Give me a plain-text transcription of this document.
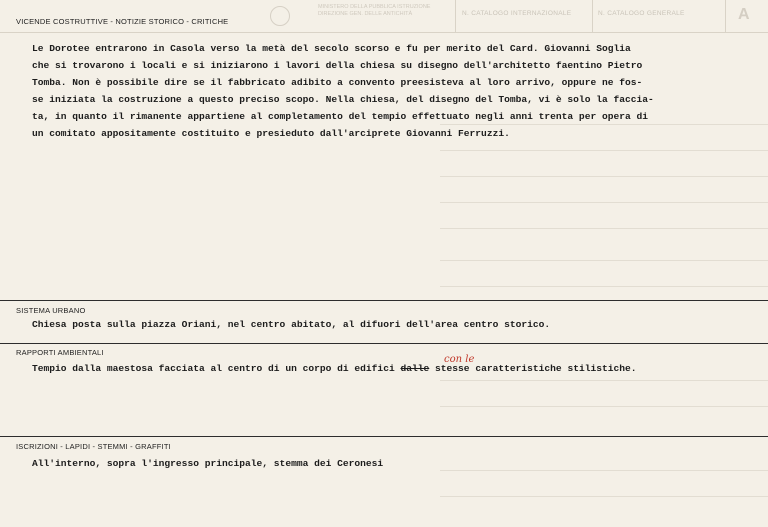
MINISTERO DELLA PUBBLICA ISTRUZIONE
DIREZIONE GEN. DELLE ANTICHITÀ	N. CATALOGO INTERNAZIONALE	N. CATALOGO GENERALE	A
VICENDE COSTRUTTIVE - NOTIZIE STORICO - CRITICHE
Le Dorotee entrarono in Casola verso la metà del secolo scorso e fu per merito del Card. Giovanni Soglia
che si trovarono i locali e si iniziarono i lavori della chiesa su disegno dell'architetto faentino Pietro
Tomba. Non è possibile dire se il fabbricato adibito a convento preesisteva al loro arrivo, oppure ne fos-
se iniziata la costruzione a questo preciso scopo. Nella chiesa, del disegno del Tomba, vi è solo la faccia-
ta, in quanto il rimanente appartiene al completamento del tempio effettuato negli anni trenta per opera di
un comitato appositamente costituito e presieduto dall'arciprete Giovanni Ferruzzi.
SISTEMA URBANO
Chiesa posta sulla piazza Oriani, nel centro abitato, al difuori dell'area centro storico.
RAPPORTI AMBIENTALI
con le
Tempio dalla maestosa facciata al centro di un corpo di edifici dalle stesse caratteristiche stilistiche.
ISCRIZIONI - LAPIDI - STEMMI - GRAFFITI
All'interno, sopra l'ingresso principale, stemma dei Ceronesi
